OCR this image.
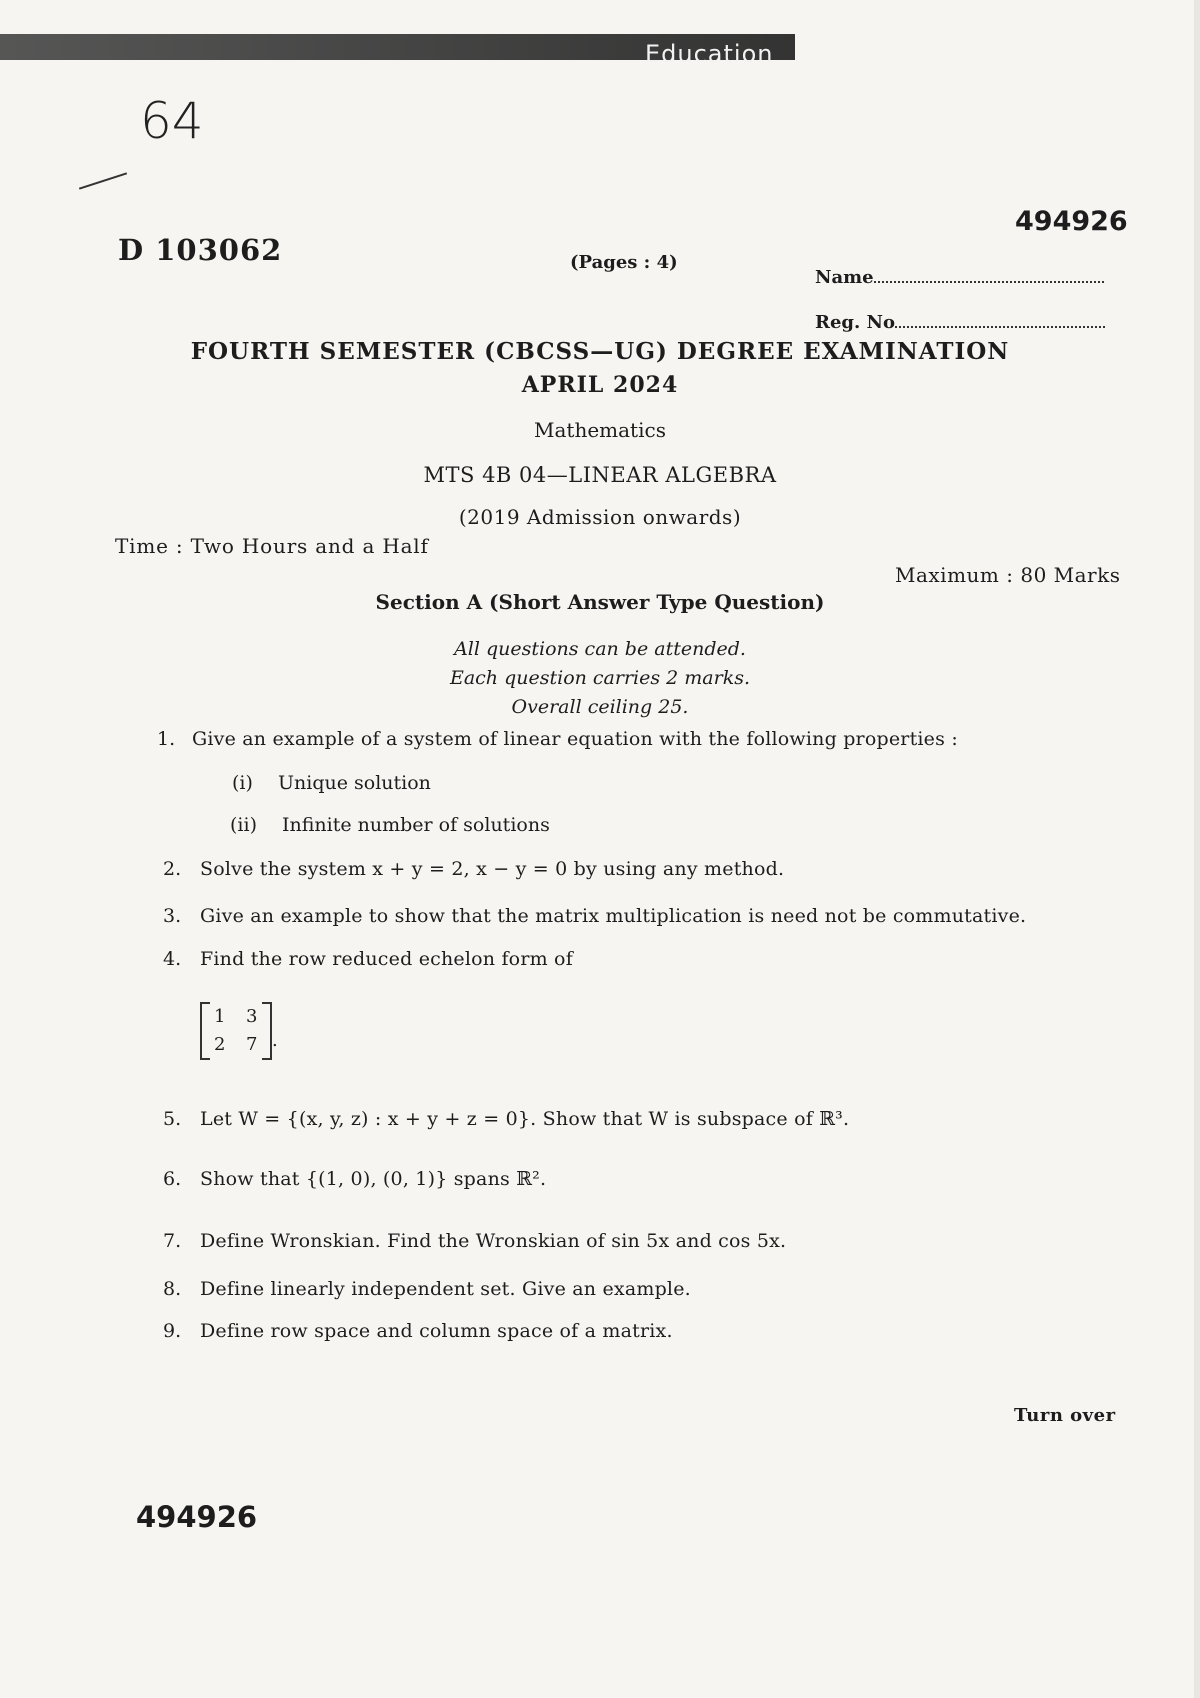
Education
64
D 103062
494926
(Pages : 4)
Name
Reg. No
FOURTH SEMESTER (CBCSS—UG) DEGREE EXAMINATION
APRIL 2024
Mathematics
MTS 4B 04—LINEAR ALGEBRA
(2019 Admission onwards)
Time : Two Hours and a Half
Maximum : 80 Marks
Section A (Short Answer Type Question)
All questions can be attended.
Each question carries 2 marks.
Overall ceiling 25.
1. Give an example of a system of linear equation with the following properties :
(i) Unique solution
(ii) Infinite number of solutions
2. Solve the system x + y = 2, x − y = 0 by using any method.
3. Give an example to show that the matrix multiplication is need not be commutative.
4. Find the row reduced echelon form of
1 3
2 7 .
5. Let W = {(x, y, z) : x + y + z = 0}. Show that W is subspace of ℝ³.
6. Show that {(1, 0), (0, 1)} spans ℝ².
7. Define Wronskian. Find the Wronskian of sin 5x and cos 5x.
8. Define linearly independent set. Give an example.
9. Define row space and column space of a matrix.
Turn over
494926
